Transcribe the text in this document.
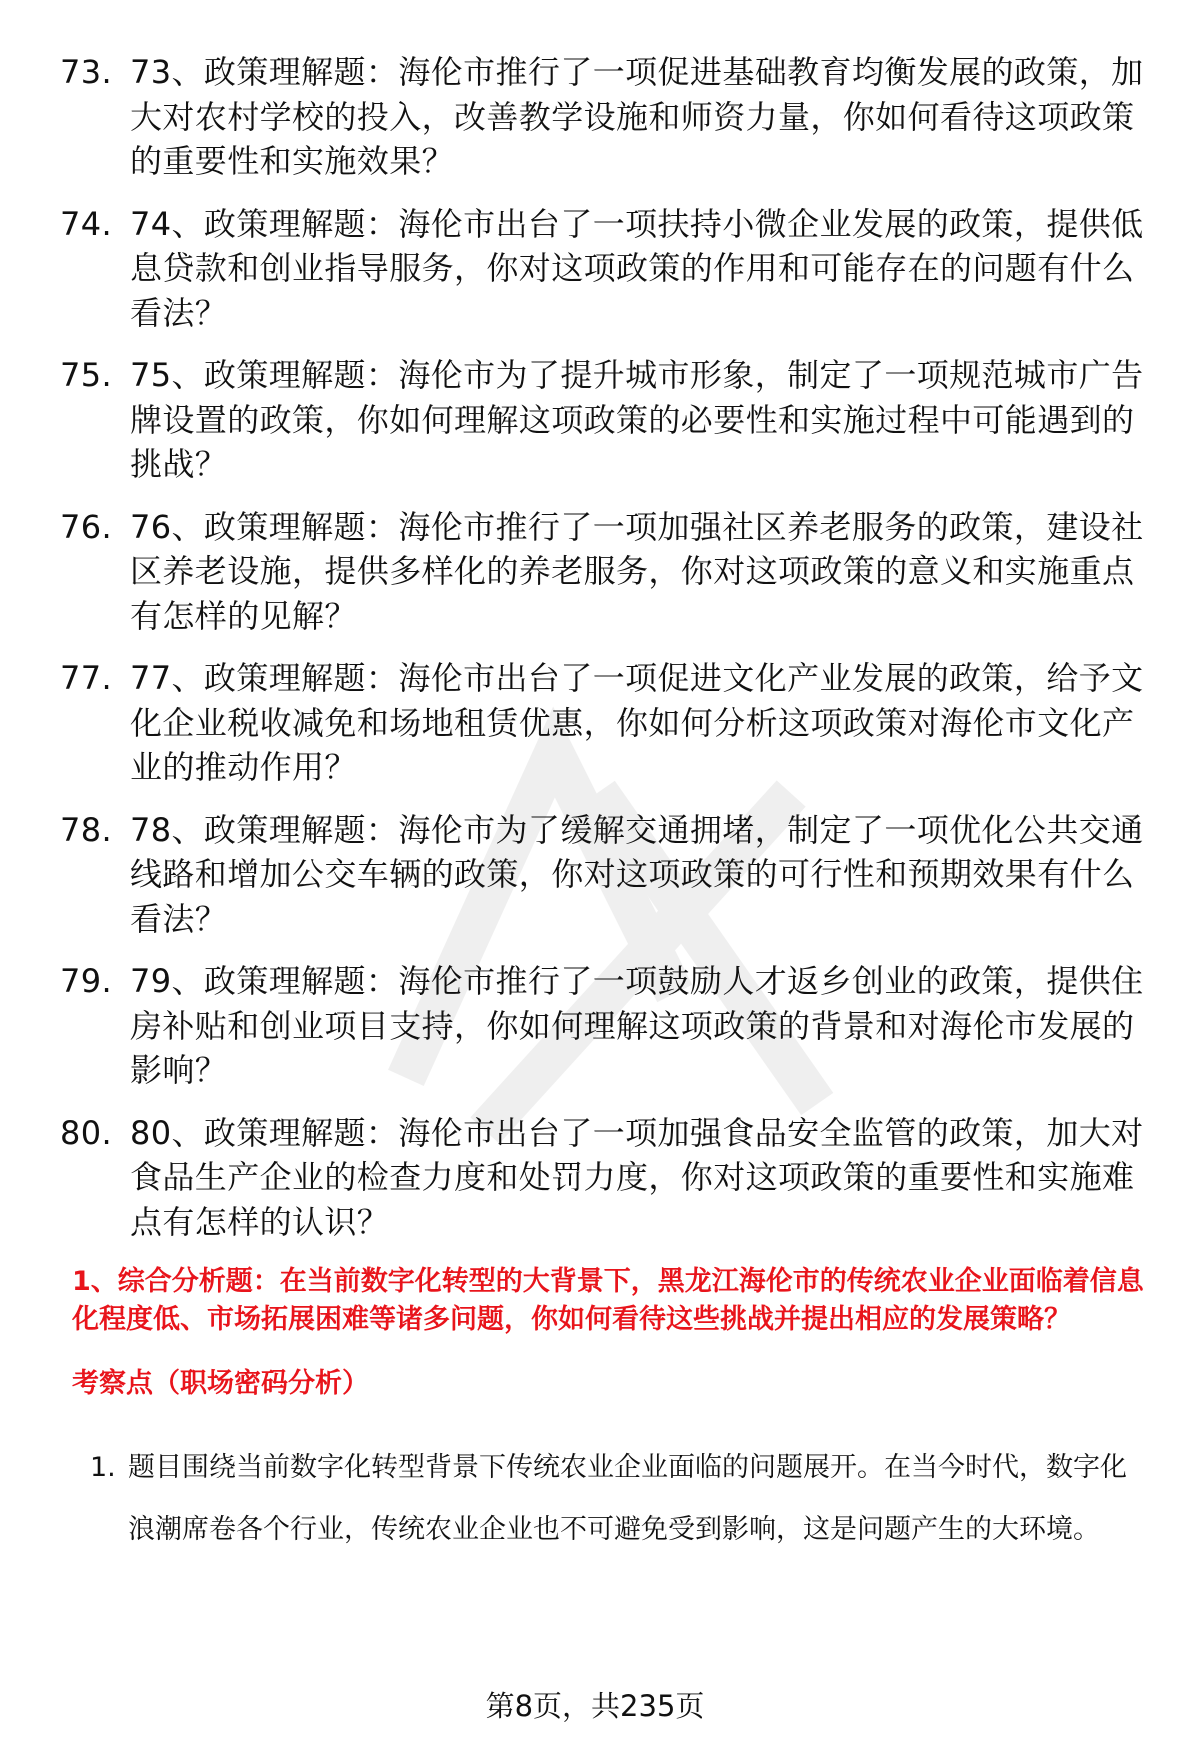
73. 73、政策理解题：海伦市推行了一项促进基础教育均衡发展的政策，加大对农村学校的投入，改善教学设施和师资力量，你如何看待这项政策的重要性和实施效果？
74. 74、政策理解题：海伦市出台了一项扶持小微企业发展的政策，提供低息贷款和创业指导服务，你对这项政策的作用和可能存在的问题有什么看法？
75. 75、政策理解题：海伦市为了提升城市形象，制定了一项规范城市广告牌设置的政策，你如何理解这项政策的必要性和实施过程中可能遇到的挑战？
76. 76、政策理解题：海伦市推行了一项加强社区养老服务的政策，建设社区养老设施，提供多样化的养老服务，你对这项政策的意义和实施重点有怎样的见解？
77. 77、政策理解题：海伦市出台了一项促进文化产业发展的政策，给予文化企业税收减免和场地租赁优惠，你如何分析这项政策对海伦市文化产业的推动作用？
78. 78、政策理解题：海伦市为了缓解交通拥堵，制定了一项优化公共交通线路和增加公交车辆的政策，你对这项政策的可行性和预期效果有什么看法？
79. 79、政策理解题：海伦市推行了一项鼓励人才返乡创业的政策，提供住房补贴和创业项目支持，你如何理解这项政策的背景和对海伦市发展的影响？
80. 80、政策理解题：海伦市出台了一项加强食品安全监管的政策，加大对食品生产企业的检查力度和处罚力度，你对这项政策的重要性和实施难点有怎样的认识？

1、综合分析题：在当前数字化转型的大背景下，黑龙江海伦市的传统农业企业面临着信息化程度低、市场拓展困难等诸多问题，你如何看待这些挑战并提出相应的发展策略？

考察点（职场密码分析）

1. 题目围绕当前数字化转型背景下传统农业企业面临的问题展开。在当今时代，数字化浪潮席卷各个行业，传统农业企业也不可避免受到影响，这是问题产生的大环境。
第8页，共235页
